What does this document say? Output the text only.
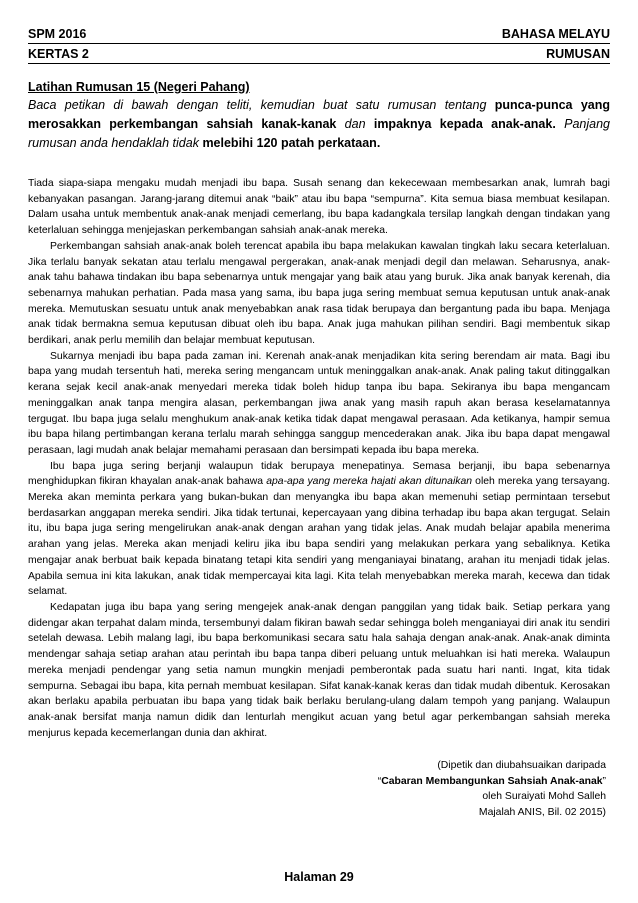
SPM 2016	BAHASA MELAYU
KERTAS 2	RUMUSAN
Latihan Rumusan 15 (Negeri Pahang)
Baca petikan di bawah dengan teliti, kemudian buat satu rumusan tentang punca-punca yang merosakkan perkembangan sahsiah kanak-kanak dan impaknya kepada anak-anak. Panjang rumusan anda hendaklah tidak melebihi 120 patah perkataan.

Tiada siapa-siapa mengaku mudah menjadi ibu bapa. Susah senang dan kekecewaan membesarkan anak, lumrah bagi kebanyakan pasangan. Jarang-jarang ditemui anak “baik” atau ibu bapa “sempurna”. Kita semua biasa membuat kesilapan. Dalam usaha untuk membentuk anak-anak menjadi cemerlang, ibu bapa kadangkala tersilap langkah dengan tindakan yang keterlaluan sehingga menjejaskan perkembangan sahsiah anak-anak mereka.

Perkembangan sahsiah anak-anak boleh terencat apabila ibu bapa melakukan kawalan tingkah laku secara keterlaluan. Jika terlalu banyak sekatan atau terlalu mengawal pergerakan, anak-anak menjadi degil dan melawan. Seharusnya, anak-anak tahu bahawa tindakan ibu bapa sebenarnya untuk mengajar yang baik atau yang buruk. Jika anak banyak kerenah, dia sebenarnya mahukan perhatian. Pada masa yang sama, ibu bapa juga sering membuat semua keputusan untuk anak-anak mereka. Memutuskan sesuatu untuk anak menyebabkan anak rasa tidak berupaya dan bergantung pada ibu bapa. Menjaga anak tidak bermakna semua keputusan dibuat oleh ibu bapa. Anak juga mahukan pilihan sendiri. Bagi membentuk sikap berdikari, anak perlu memilih dan belajar membuat keputusan.

Sukarnya menjadi ibu bapa pada zaman ini. Kerenah anak-anak menjadikan kita sering berendam air mata. Bagi ibu bapa yang mudah tersentuh hati, mereka sering mengancam untuk meninggalkan anak-anak. Anak paling takut ditinggalkan kerana sejak kecil anak-anak menyedari mereka tidak boleh hidup tanpa ibu bapa. Sekiranya ibu bapa mengancam meninggalkan anak tanpa mengira alasan, perkembangan jiwa anak yang masih rapuh akan berasa keselamatannya tergugat. Ibu bapa juga selalu menghukum anak-anak ketika tidak dapat mengawal perasaan. Ada ketikanya, hampir semua ibu bapa hilang pertimbangan kerana terlalu marah sehingga sanggup mencederakan anak. Jika ibu bapa dapat mengawal perasaan, lagi mudah anak belajar memahami perasaan dan bersimpati kepada ibu bapa mereka.

Ibu bapa juga sering berjanji walaupun tidak berupaya menepatinya. Semasa berjanji, ibu bapa sebenarnya menghidupkan fikiran khayalan anak-anak bahawa apa-apa yang mereka hajati akan ditunaikan oleh mereka yang tersayang. Mereka akan meminta perkara yang bukan-bukan dan menyangka ibu bapa akan memenuhi setiap permintaan tersebut berdasarkan anggapan mereka sendiri. Jika tidak tertunai, kepercayaan yang dibina terhadap ibu bapa akan tergugat. Selain itu, ibu bapa juga sering mengelirukan anak-anak dengan arahan yang tidak jelas. Anak mudah belajar apabila menerima arahan yang jelas. Mereka akan menjadi keliru jika ibu bapa sendiri yang melakukan perkara yang sebaliknya. Ketika mengajar anak berbuat baik kepada binatang tetapi kita sendiri yang menganiayai binatang, arahan itu menjadi tidak jelas. Apabila semua ini kita lakukan, anak tidak mempercayai kita lagi. Kita telah menyebabkan mereka marah, kecewa dan tidak selamat.

Kedapatan juga ibu bapa yang sering mengejek anak-anak dengan panggilan yang tidak baik. Setiap perkara yang didengar akan terpahat dalam minda, tersembunyi dalam fikiran bawah sedar sehingga boleh menganiayai diri anak itu sendiri setelah dewasa. Lebih malang lagi, ibu bapa berkomunikasi secara satu hala sahaja dengan anak-anak. Anak-anak diminta mendengar sahaja setiap arahan atau perintah ibu bapa tanpa diberi peluang untuk meluahkan isi hati mereka. Walaupun mereka menjadi pendengar yang setia namun mungkin menjadi pemberontak pada suatu hari nanti. Ingat, kita tidak sempurna. Sebagai ibu bapa, kita pernah membuat kesilapan. Sifat kanak-kanak keras dan tidak mudah dibentuk. Kerosakan akan berlaku apabila perbuatan ibu bapa yang tidak baik berlaku berulang-ulang dalam tempoh yang panjang. Walaupun anak-anak bersifat manja namun didik dan lenturlah mengikut acuan yang betul agar perkembangan sahsiah mereka menjurus kepada kecemerlangan dunia dan akhirat.

(Dipetik dan diubahsuaikan daripada
“Cabaran Membangunkan Sahsiah Anak-anak”
oleh Suraiyati Mohd Salleh
Majalah ANIS, Bil. 02 2015)
Halaman 29
